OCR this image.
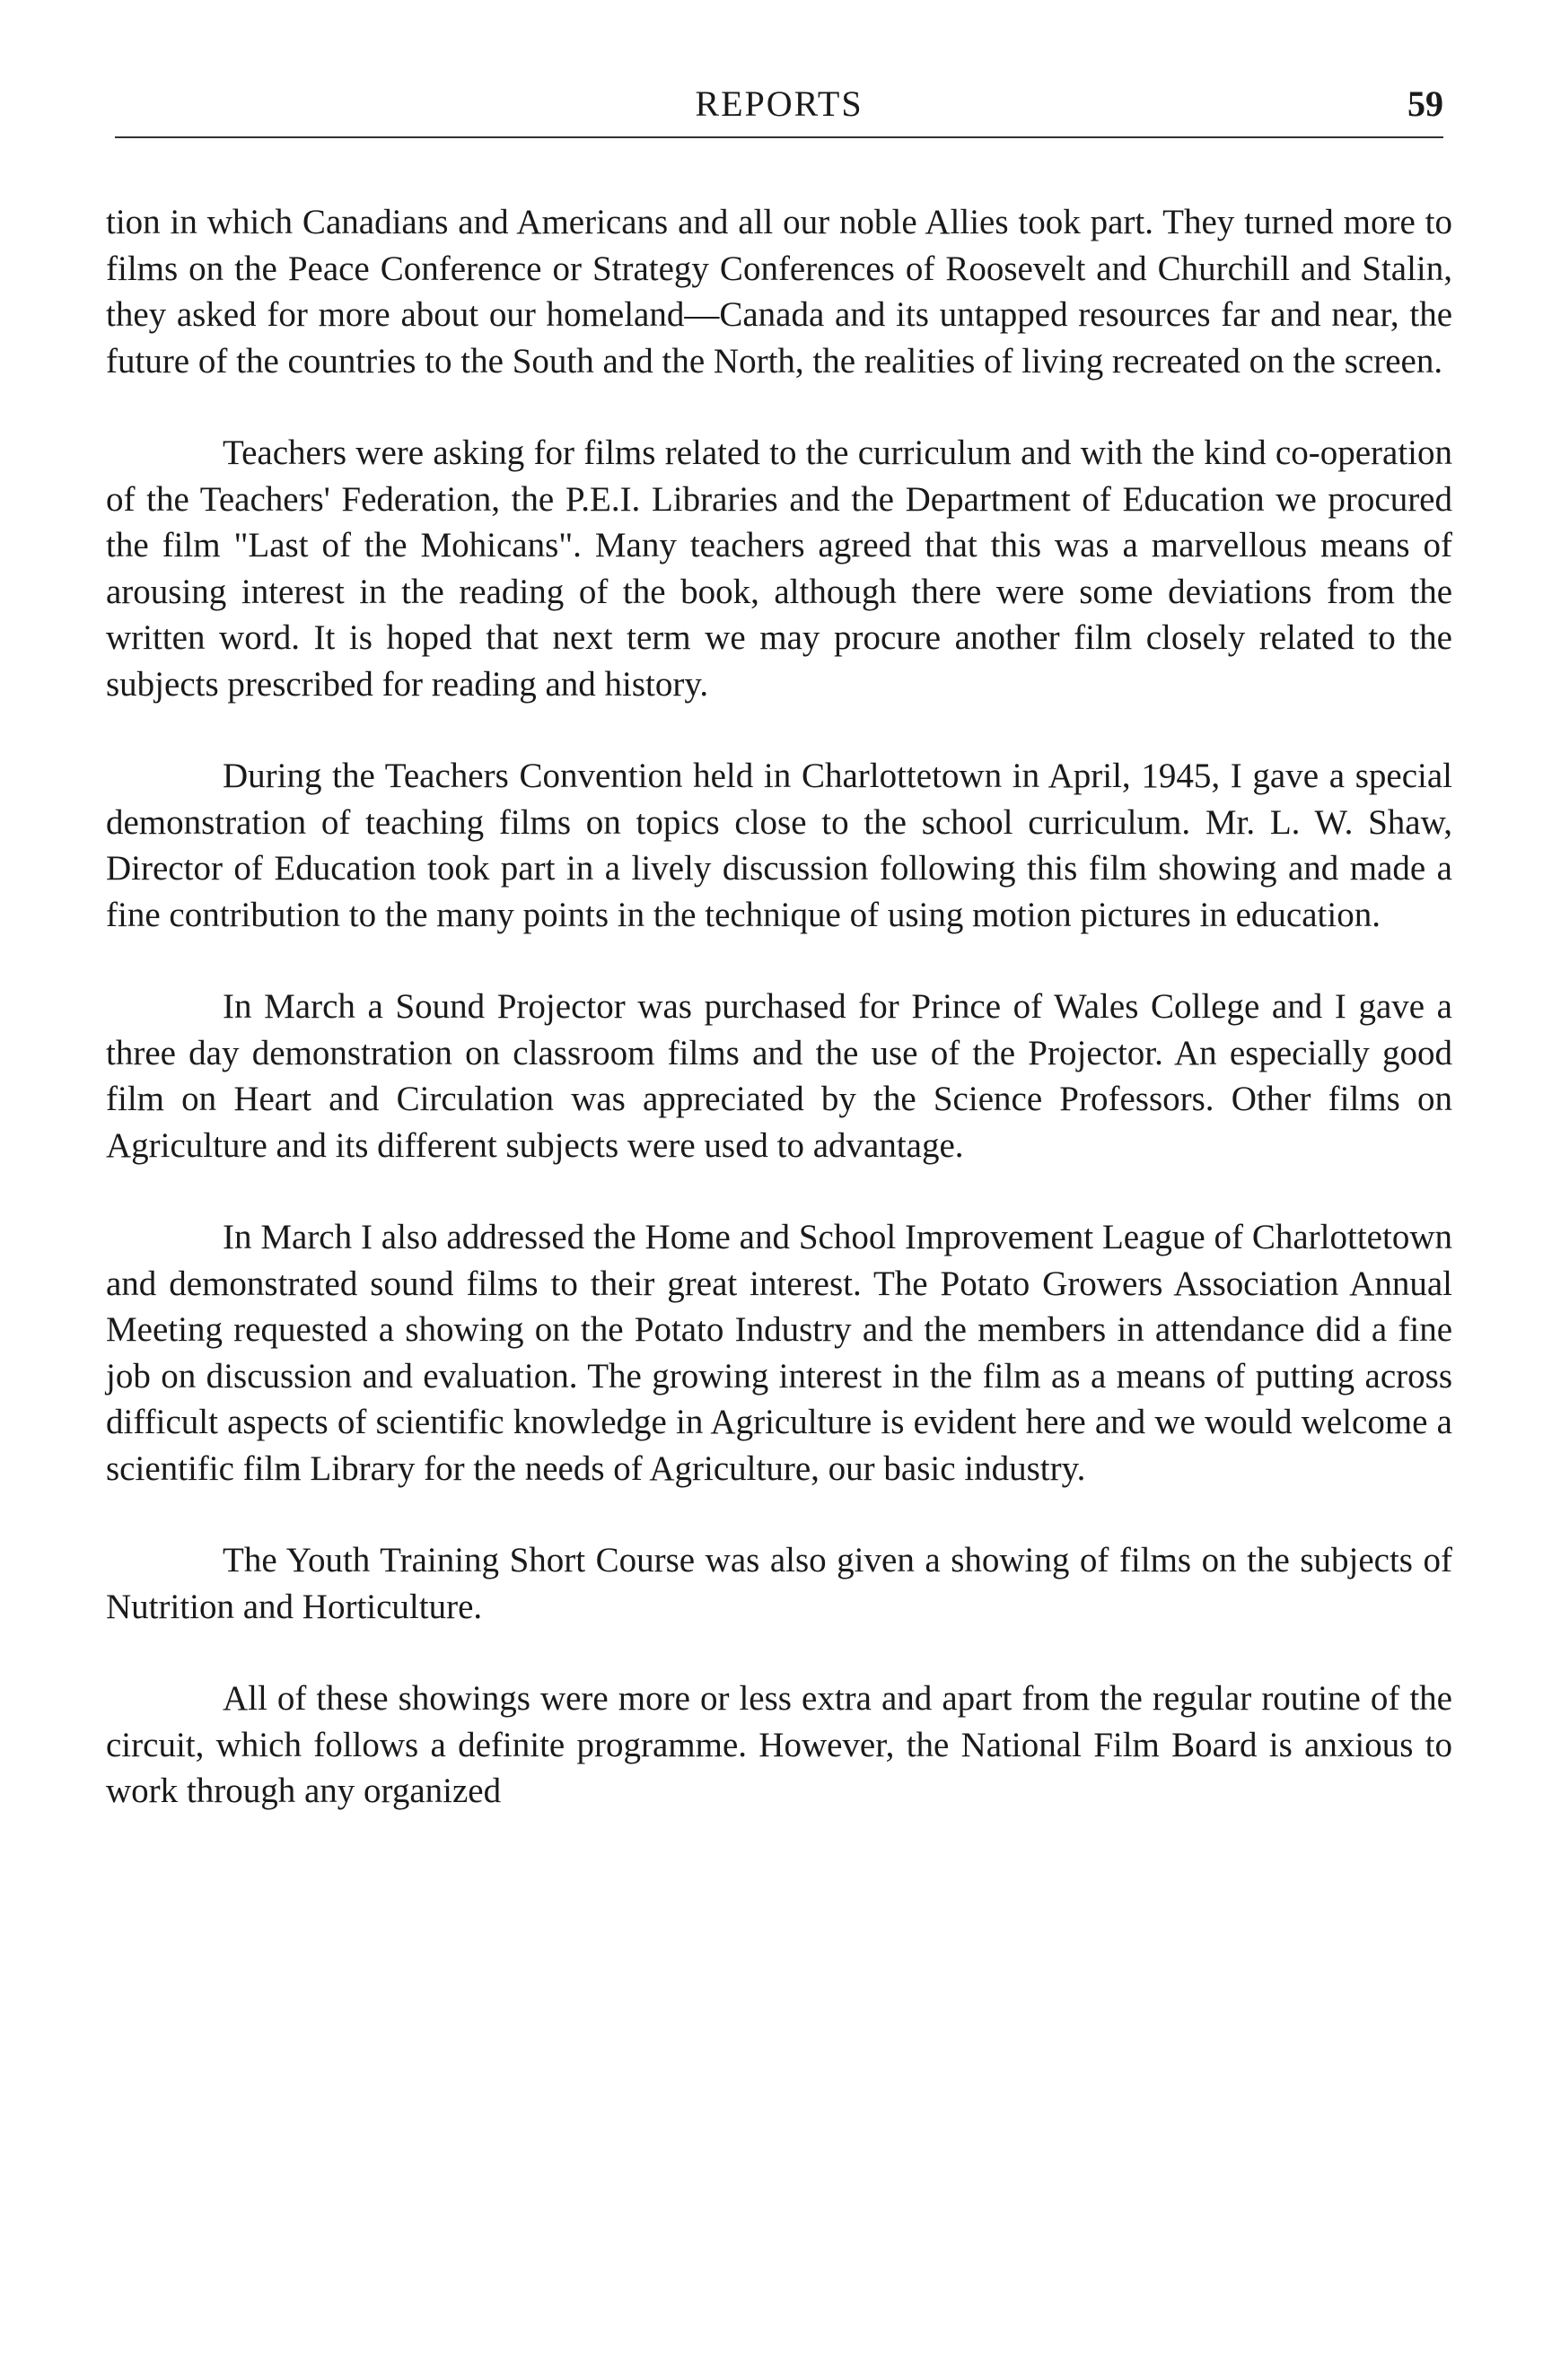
REPORTS	59

tion in which Canadians and Americans and all our noble Allies took part. They turned more to films on the Peace Conference or Strategy Conferences of Roosevelt and Churchill and Stalin, they asked for more about our homeland—Canada and its untapped resources far and near, the future of the countries to the South and the North, the realities of living recreated on the screen.

Teachers were asking for films related to the curriculum and with the kind co-operation of the Teachers' Federation, the P.E.I. Libraries and the Department of Education we procured the film "Last of the Mohicans". Many teachers agreed that this was a marvellous means of arousing interest in the reading of the book, although there were some deviations from the written word. It is hoped that next term we may procure another film closely related to the subjects prescribed for reading and history.

During the Teachers Convention held in Charlottetown in April, 1945, I gave a special demonstration of teaching films on topics close to the school curriculum. Mr. L. W. Shaw, Director of Education took part in a lively discussion following this film showing and made a fine contribution to the many points in the technique of using motion pictures in education.

In March a Sound Projector was purchased for Prince of Wales College and I gave a three day demonstration on classroom films and the use of the Projector. An especially good film on Heart and Circulation was appreciated by the Science Professors. Other films on Agriculture and its different subjects were used to advantage.

In March I also addressed the Home and School Improvement League of Charlottetown and demonstrated sound films to their great interest. The Potato Growers Association Annual Meeting requested a showing on the Potato Industry and the members in attendance did a fine job on discussion and evaluation. The growing interest in the film as a means of putting across difficult aspects of scientific knowledge in Agriculture is evident here and we would welcome a scientific film Library for the needs of Agriculture, our basic industry.

The Youth Training Short Course was also given a showing of films on the subjects of Nutrition and Horticulture.

All of these showings were more or less extra and apart from the regular routine of the circuit, which follows a definite programme. However, the National Film Board is anxious to work through any organized
